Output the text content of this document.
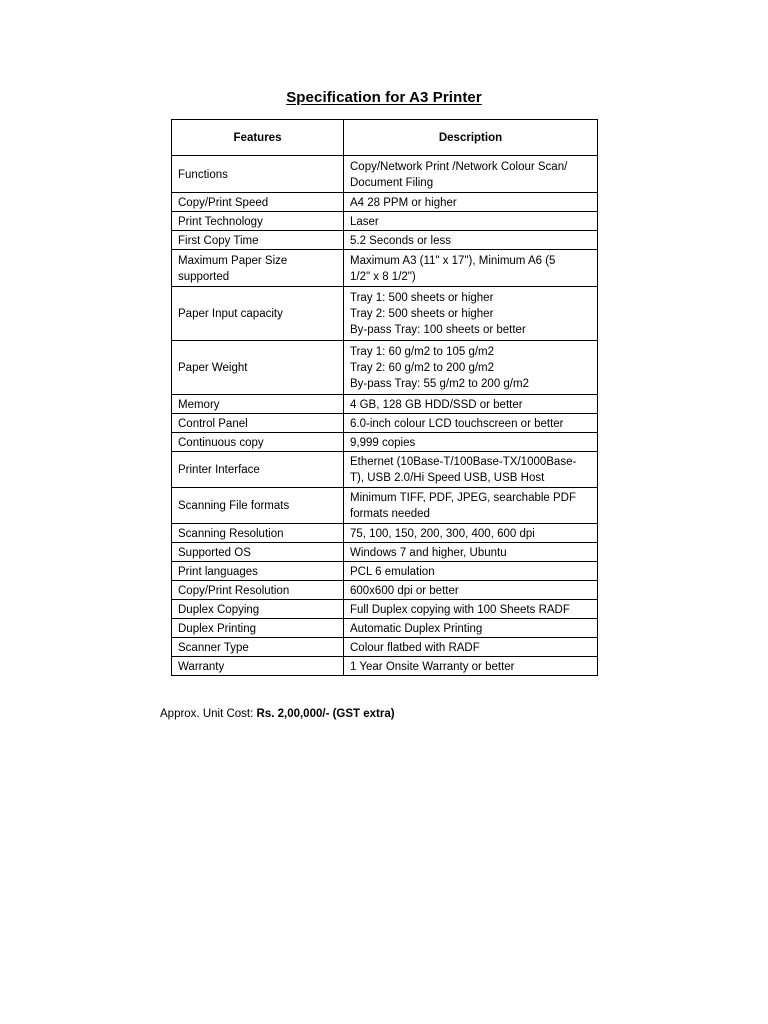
Specification for A3 Printer
Features	Description
Functions	Copy/Network Print /Network Colour Scan/
Document Filing
Copy/Print Speed	A4 28 PPM or higher
Print Technology	Laser
First Copy Time	5.2 Seconds or less
Maximum Paper Size
supported	Maximum A3 (11" x 17"), Minimum A6 (5
1/2" x 8 1/2")
Paper Input capacity	Tray 1: 500 sheets or higher
Tray 2: 500 sheets or higher
By-pass Tray: 100 sheets or better
Paper Weight	Tray 1: 60 g/m2 to 105 g/m2
Tray 2: 60 g/m2 to 200 g/m2
By-pass Tray: 55 g/m2 to 200 g/m2
Memory	4 GB, 128 GB HDD/SSD or better
Control Panel	6.0-inch colour LCD touchscreen or better
Continuous copy	9,999 copies
Printer Interface	Ethernet (10Base-T/100Base-TX/1000Base-
T), USB 2.0/Hi Speed USB, USB Host
Scanning File formats	Minimum TIFF, PDF, JPEG, searchable PDF
formats needed
Scanning Resolution	75, 100, 150, 200, 300, 400, 600 dpi
Supported OS	Windows 7 and higher, Ubuntu
Print languages	PCL 6 emulation
Copy/Print Resolution	600x600 dpi or better
Duplex Copying	Full Duplex copying with 100 Sheets RADF
Duplex Printing	Automatic Duplex Printing
Scanner Type	Colour flatbed with RADF
Warranty	1 Year Onsite Warranty or better
Approx. Unit Cost: Rs. 2,00,000/- (GST extra)
